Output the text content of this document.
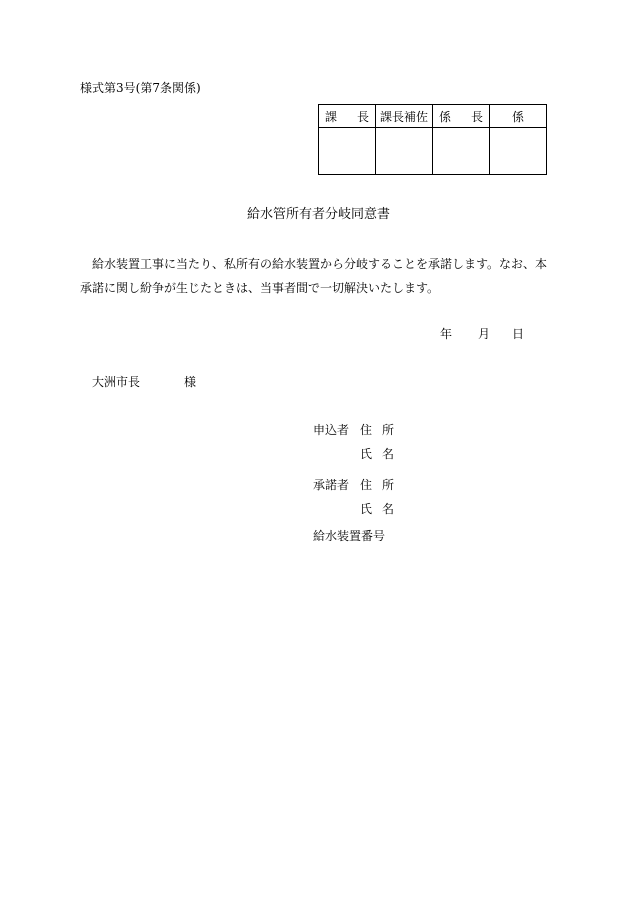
様式第3号(第7条関係)
課 長	課長補佐	係 長	係

給水管所有者分岐同意書
給水装置工事に当たり、私所有の給水装置から分岐することを承諾します。なお、本承諾に関し紛争が生じたときは、当事者間で一切解決いたします。
年 月 日
大洲市長	様
申込者 住 所
氏 名
承諾者 住 所
氏 名
給水装置番号
